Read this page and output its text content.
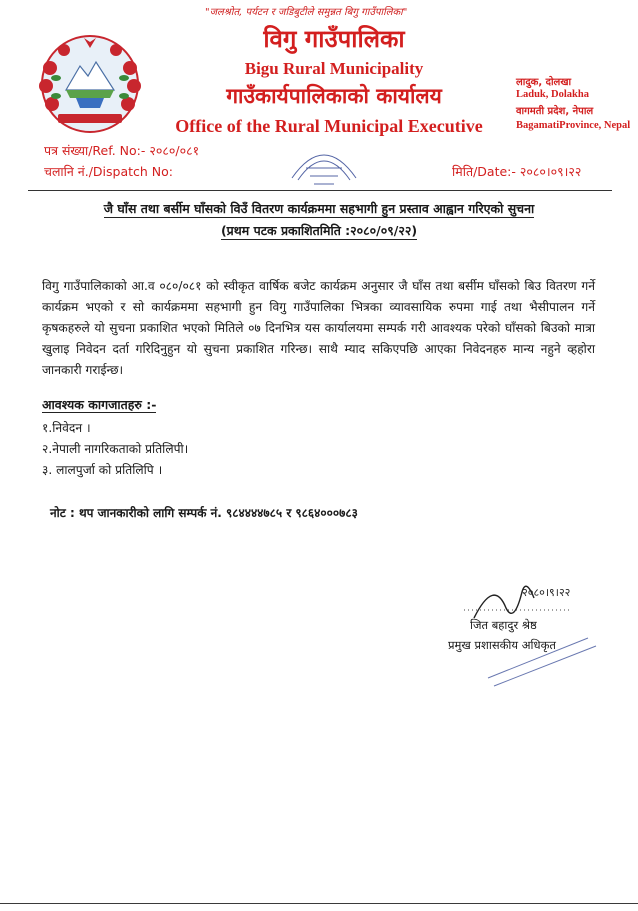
"जलश्रोत, पर्यटन र जडिबुटीले समुन्नत बिगु गाउँपालिका"
विगु गाउँपालिका
Bigu Rural Municipality
गाउँकार्यपालिकाको कार्यालय
Office of the Rural Municipal Executive
लादुक, दोलखा
Laduk, Dolakha
वागमती प्रदेश, नेपाल
BagamatiProvince, Nepal
पत्र संख्या/Ref. No:- २०८०/०८१
चलानि नं./Dispatch No:	मिति/Date:- २०८०।०९।२२
जै घाँस तथा बर्सीम घाँसको विउँ वितरण कार्यक्रममा सहभागी हुन प्रस्ताव आह्वान गरिएको सुचना
(प्रथम पटक प्रकाशितमिति :२०८०/०९/२२)
विगु गाउँपालिकाको आ.व ०८०/०८१ को स्वीकृत वार्षिक बजेट कार्यक्रम अनुसार जै घाँस तथा बर्सीम घाँसको बिउ वितरण गर्ने कार्यक्रम भएको र सो कार्यक्रममा सहभागी हुन विगु गाउँपालिका भित्रका व्यावसायिक रुपमा गाई तथा भैसीपालन गर्ने कृषकहरुले यो सुचना प्रकाशित भएको मितिले ०७ दिनभित्र यस कार्यालयमा सम्पर्क गरी आवश्यक परेको घाँसको बिउको मात्रा खुलाइ निवेदन दर्ता गरिदिनुहुन यो सुचना प्रकाशित गरिन्छ। साथै म्याद सकिएपछि आएका निवेदनहरु मान्य नहुने व्हहोरा जानकारी गराईन्छ।
आवश्यक कागजातहरु :-
१.निवेदन ।
२.नेपाली नागरिकताको प्रतिलिपी।
३. लालपुर्जा को प्रतिलिपि ।
नोट : थप जानकारीको लागि सम्पर्क नं. ९८४४४४७८५ र ९८६४०००७८३
२०८०।९।२२
जित बहादुर श्रेष्ठ
प्रमुख प्रशासकीय अधिकृत
